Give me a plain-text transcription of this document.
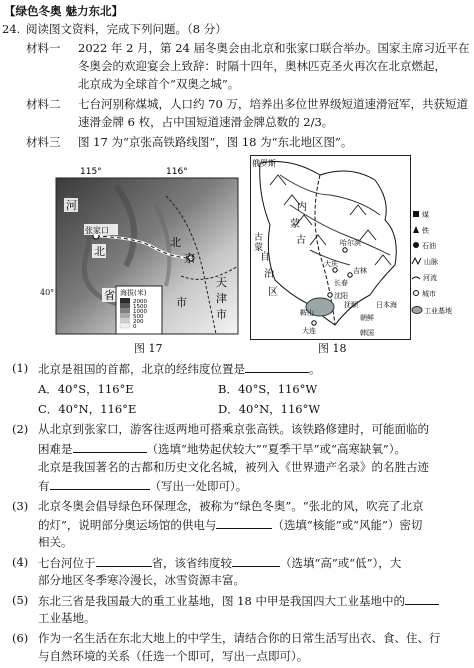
【绿色冬奥 魅力东北】
24. 阅读图文资料，完成下列问题。（8 分）
材料一 2022 年 2 月，第 24 届冬奥会由北京和张家口联合举办。国家主席习近平在
冬奥会的欢迎宴会上致辞：时隔十四年，奥林匹克圣火再次在北京燃起，
北京成为全球首个“双奥之城”。
材料二 七台河别称煤城，人口约 70 万，培养出多位世界级短道速滑冠军，共获短道
速滑金牌 6 枚，占中国短道速滑金牌总数的 2/3。
材料三 图 17 为“京张高铁路线图”，图 18 为“东北地区图”。
115°	116°
河
北
省
张家口
北
京
市
天
津
市
海拔(米)
2000
1500
1000
500
200
0
40°
图 17
俄罗斯
内
蒙
古
自
治
区
蒙
古	哈尔滨
大庆
长春
吉林
沈阳
大连
鞍山
抚顺	日本海
朝鲜
韩国
煤
铁
石油
山脉
河流
城市
工业基地
图 18
(1) 北京是祖国的首都，北京的经纬度位置是	。
A．40°S，116°E	B．40°S，116°W
C．40°N，116°E	D．40°N，116°W
(2) 从北京到张家口，游客往返两地可搭乘京张高铁。该铁路修建时，可能面临的
困难是	（选填“地势起伏较大”“夏季干旱”或“高寒缺氧”）。
北京是我国著名的古都和历史文化名城，被列入《世界遗产名录》的名胜古迹
有	（写出一处即可）。
(3) 北京冬奥会倡导绿色环保理念，被称为“绿色冬奥”。“张北的风，吹亮了北京
的灯”，说明部分奥运场馆的供电与	（选填“核能”或“风能”）密切
相关。
(4) 七台河位于	省，该省纬度较	（选填“高”或“低”），大
部分地区冬季寒冷漫长，冰雪资源丰富。
(5) 东北三省是我国最大的重工业基地，图 18 中甲是我国四大工业基地中的
工业基地。
(6) 作为一名生活在东北大地上的中学生，请结合你的日常生活写出衣、食、住、行
与自然环境的关系（任选一个即可，写出一点即可）。
